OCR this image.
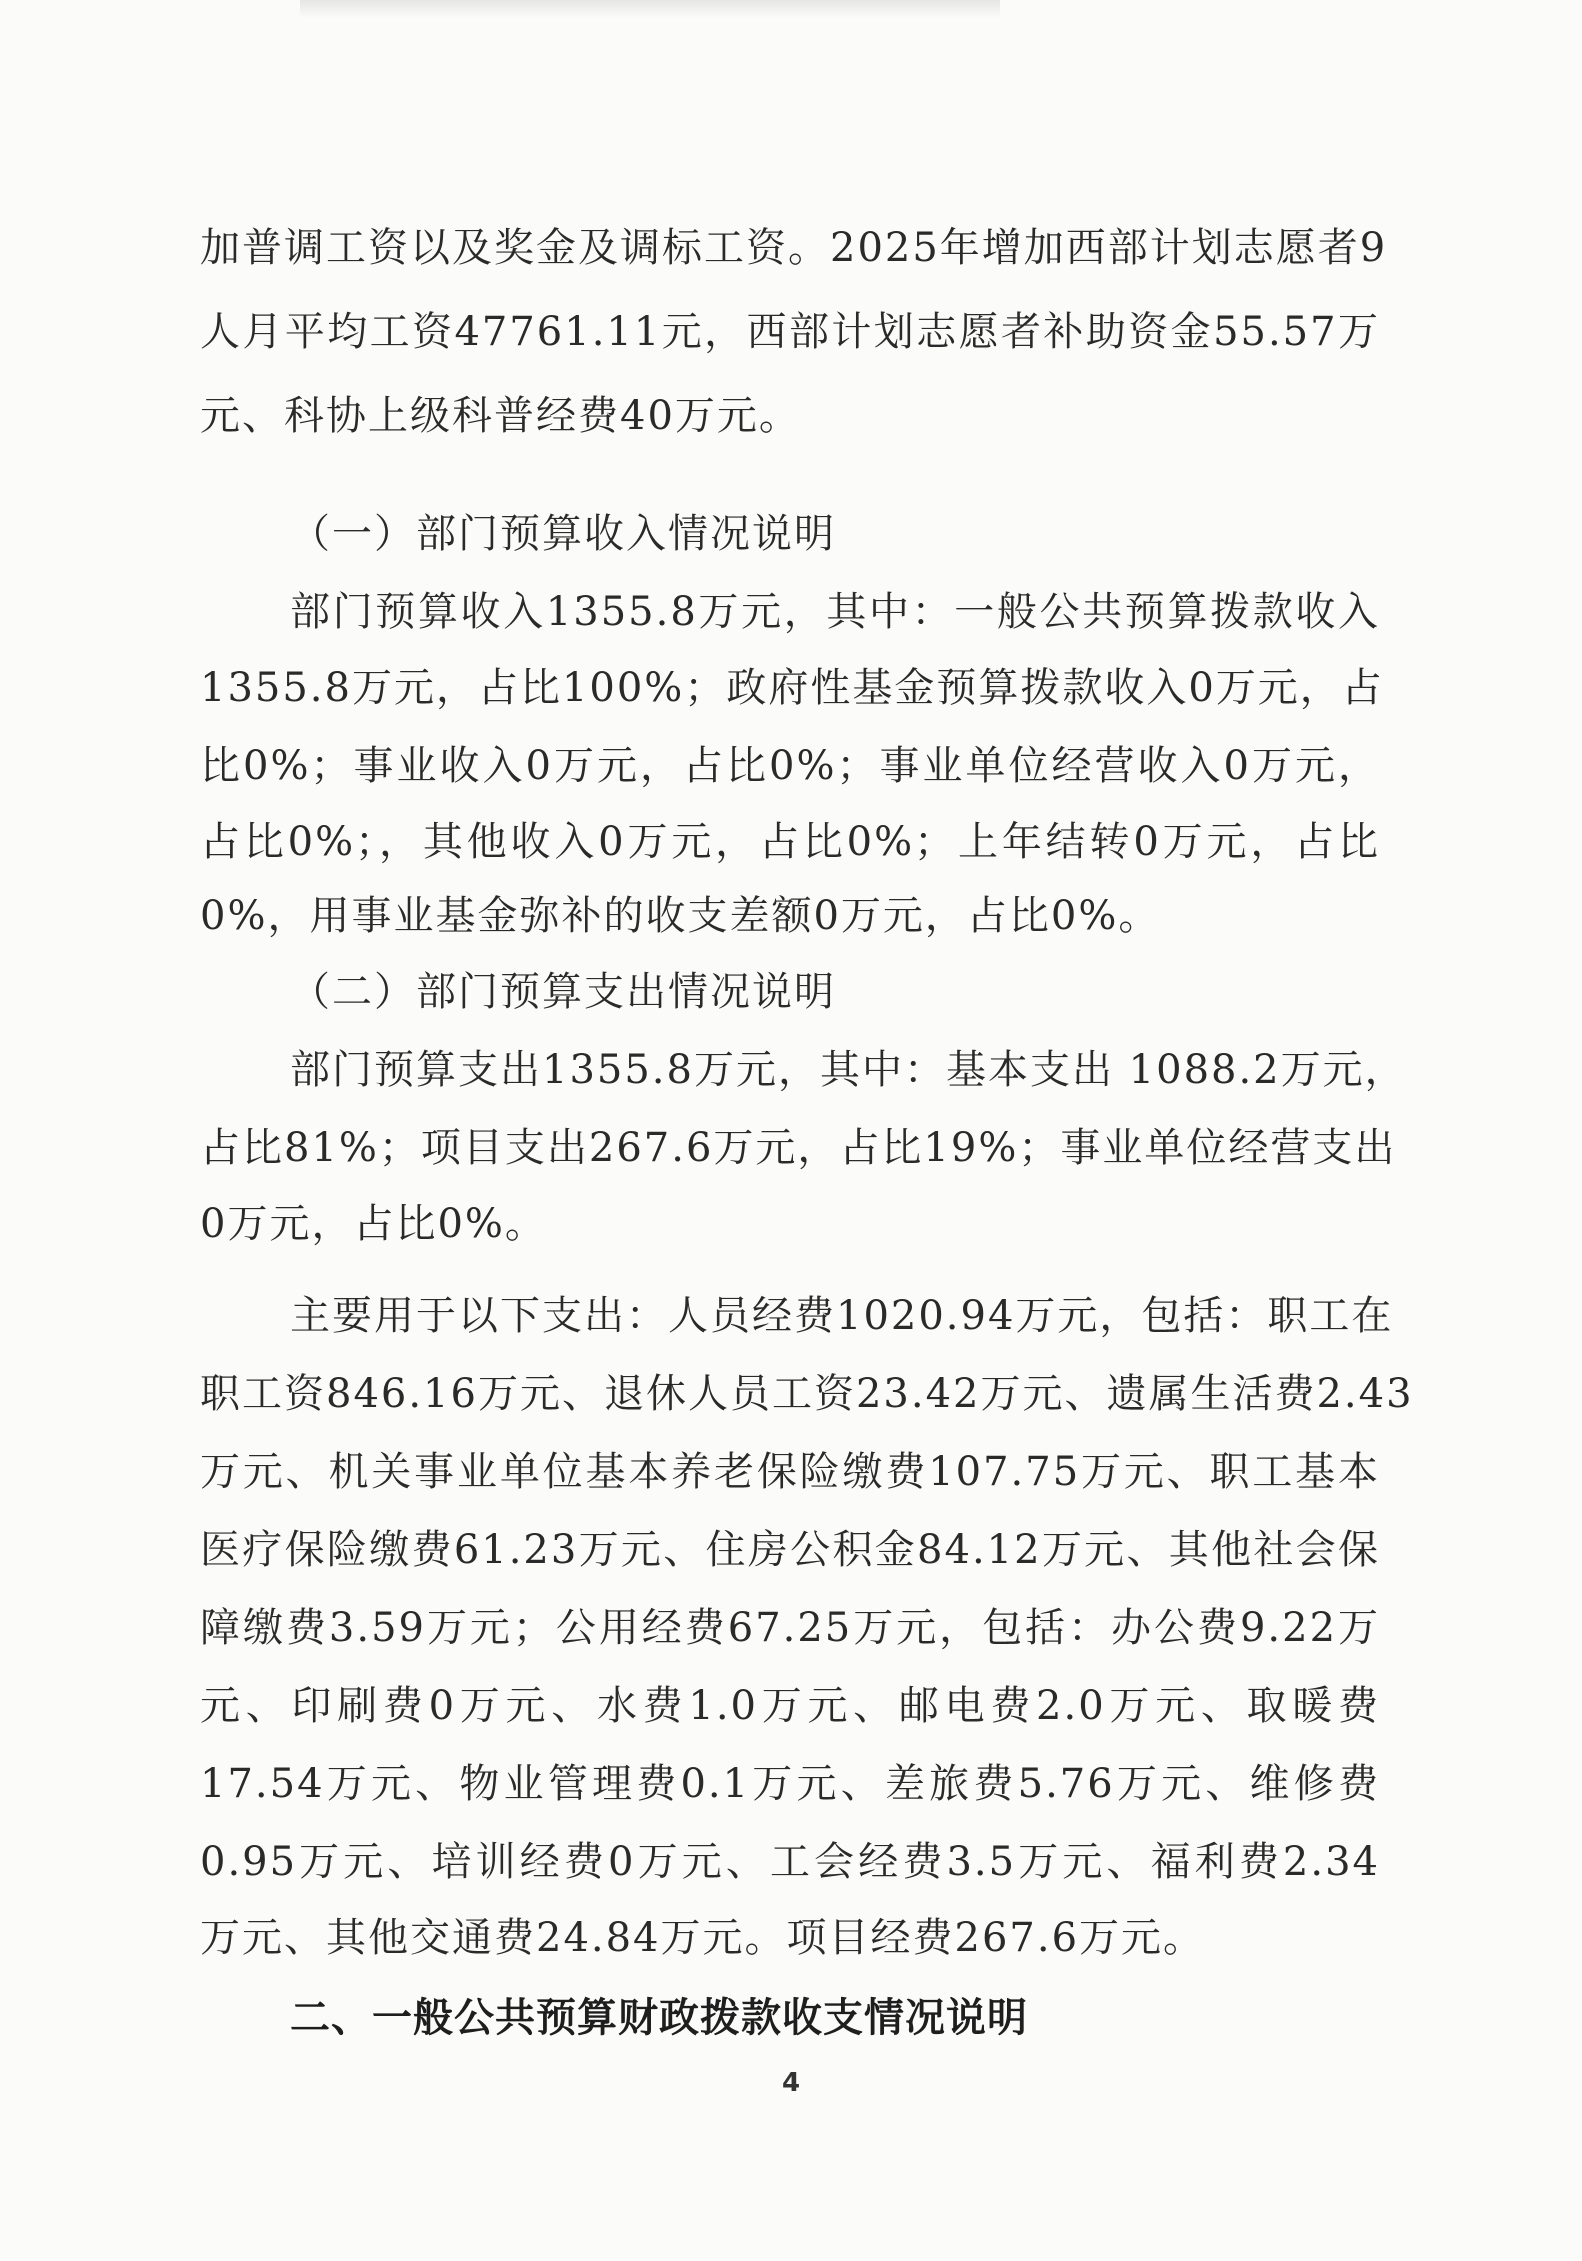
加普调工资以及奖金及调标工资。2025年增加西部计划志愿者9
人月平均工资47761.11元，西部计划志愿者补助资金55.57万
元、科协上级科普经费40万元。
（一）部门预算收入情况说明
部门预算收入1355.8万元，其中：一般公共预算拨款收入
1355.8万元，占比100%；政府性基金预算拨款收入0万元，占
比0%；事业收入0万元，占比0%；事业单位经营收入0万元，
占比0%；，其他收入0万元，占比0%；上年结转0万元，占比
0%，用事业基金弥补的收支差额0万元，占比0%。
（二）部门预算支出情况说明
部门预算支出1355.8万元，其中：基本支出 1088.2万元，
占比81%；项目支出267.6万元，占比19%；事业单位经营支出
0万元，占比0%。
主要用于以下支出：人员经费1020.94万元，包括：职工在
职工资846.16万元、退休人员工资23.42万元、遗属生活费2.43
万元、机关事业单位基本养老保险缴费107.75万元、职工基本
医疗保险缴费61.23万元、住房公积金84.12万元、其他社会保
障缴费3.59万元；公用经费67.25万元，包括：办公费9.22万
元、印刷费0万元、水费1.0万元、邮电费2.0万元、取暖费
17.54万元、物业管理费0.1万元、差旅费5.76万元、维修费
0.95万元、培训经费0万元、工会经费3.5万元、福利费2.34
万元、其他交通费24.84万元。项目经费267.6万元。
二、一般公共预算财政拨款收支情况说明
4
